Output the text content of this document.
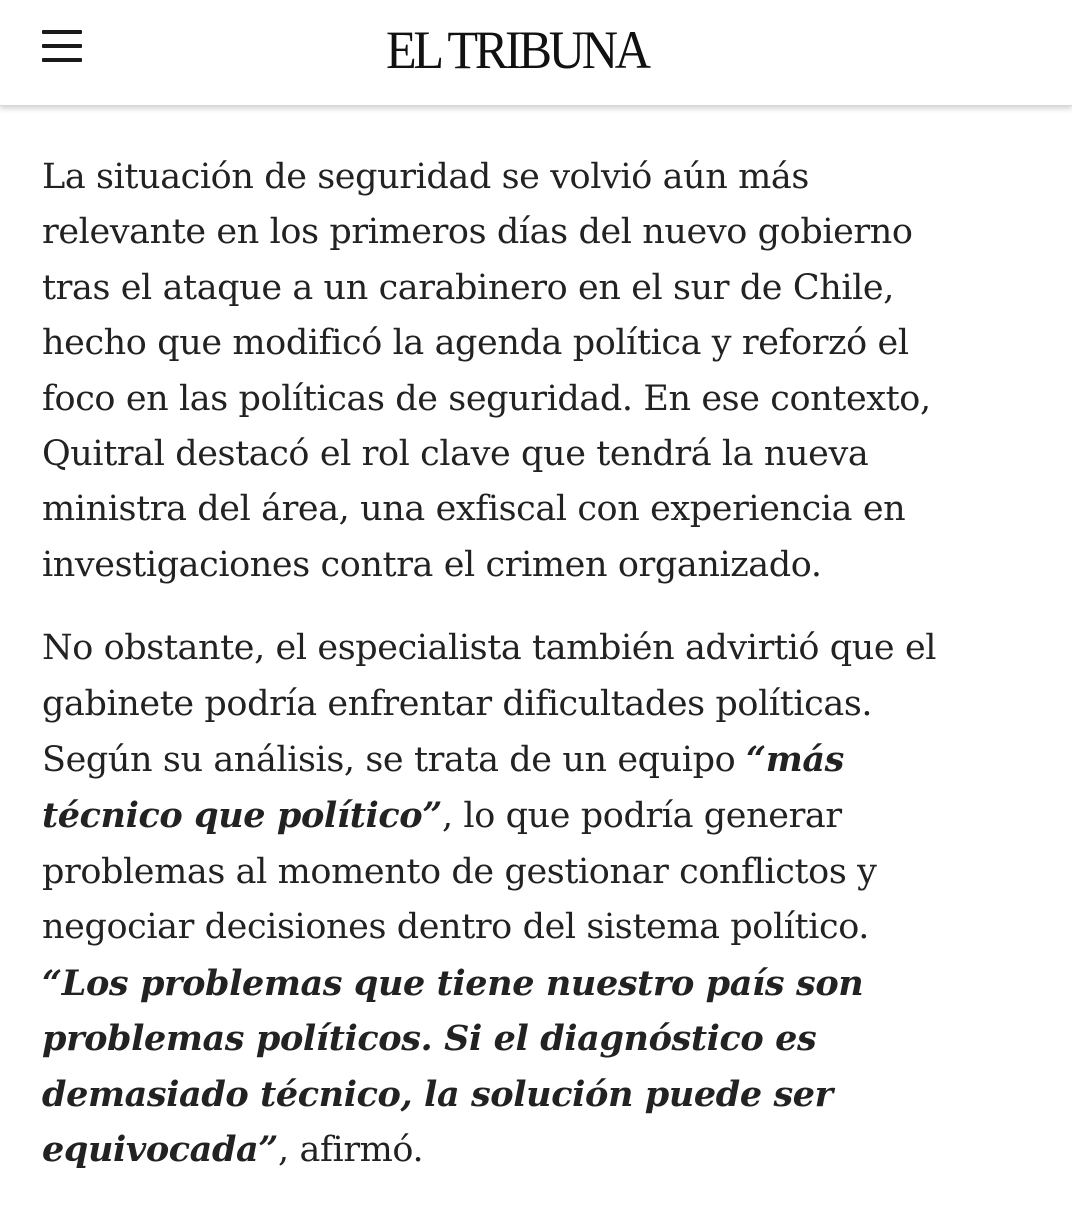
EL TRIBUNA

La situación de seguridad se volvió aún más
relevante en los primeros días del nuevo gobierno
tras el ataque a un carabinero en el sur de Chile,
hecho que modificó la agenda política y reforzó el
foco en las políticas de seguridad. En ese contexto,
Quitral destacó el rol clave que tendrá la nueva
ministra del área, una exfiscal con experiencia en
investigaciones contra el crimen organizado.

No obstante, el especialista también advirtió que el
gabinete podría enfrentar dificultades políticas.
Según su análisis, se trata de un equipo “más
técnico que político”, lo que podría generar
problemas al momento de gestionar conflictos y
negociar decisiones dentro del sistema político.
“Los problemas que tiene nuestro país son
problemas políticos. Si el diagnóstico es
demasiado técnico, la solución puede ser
equivocada”, afirmó.
